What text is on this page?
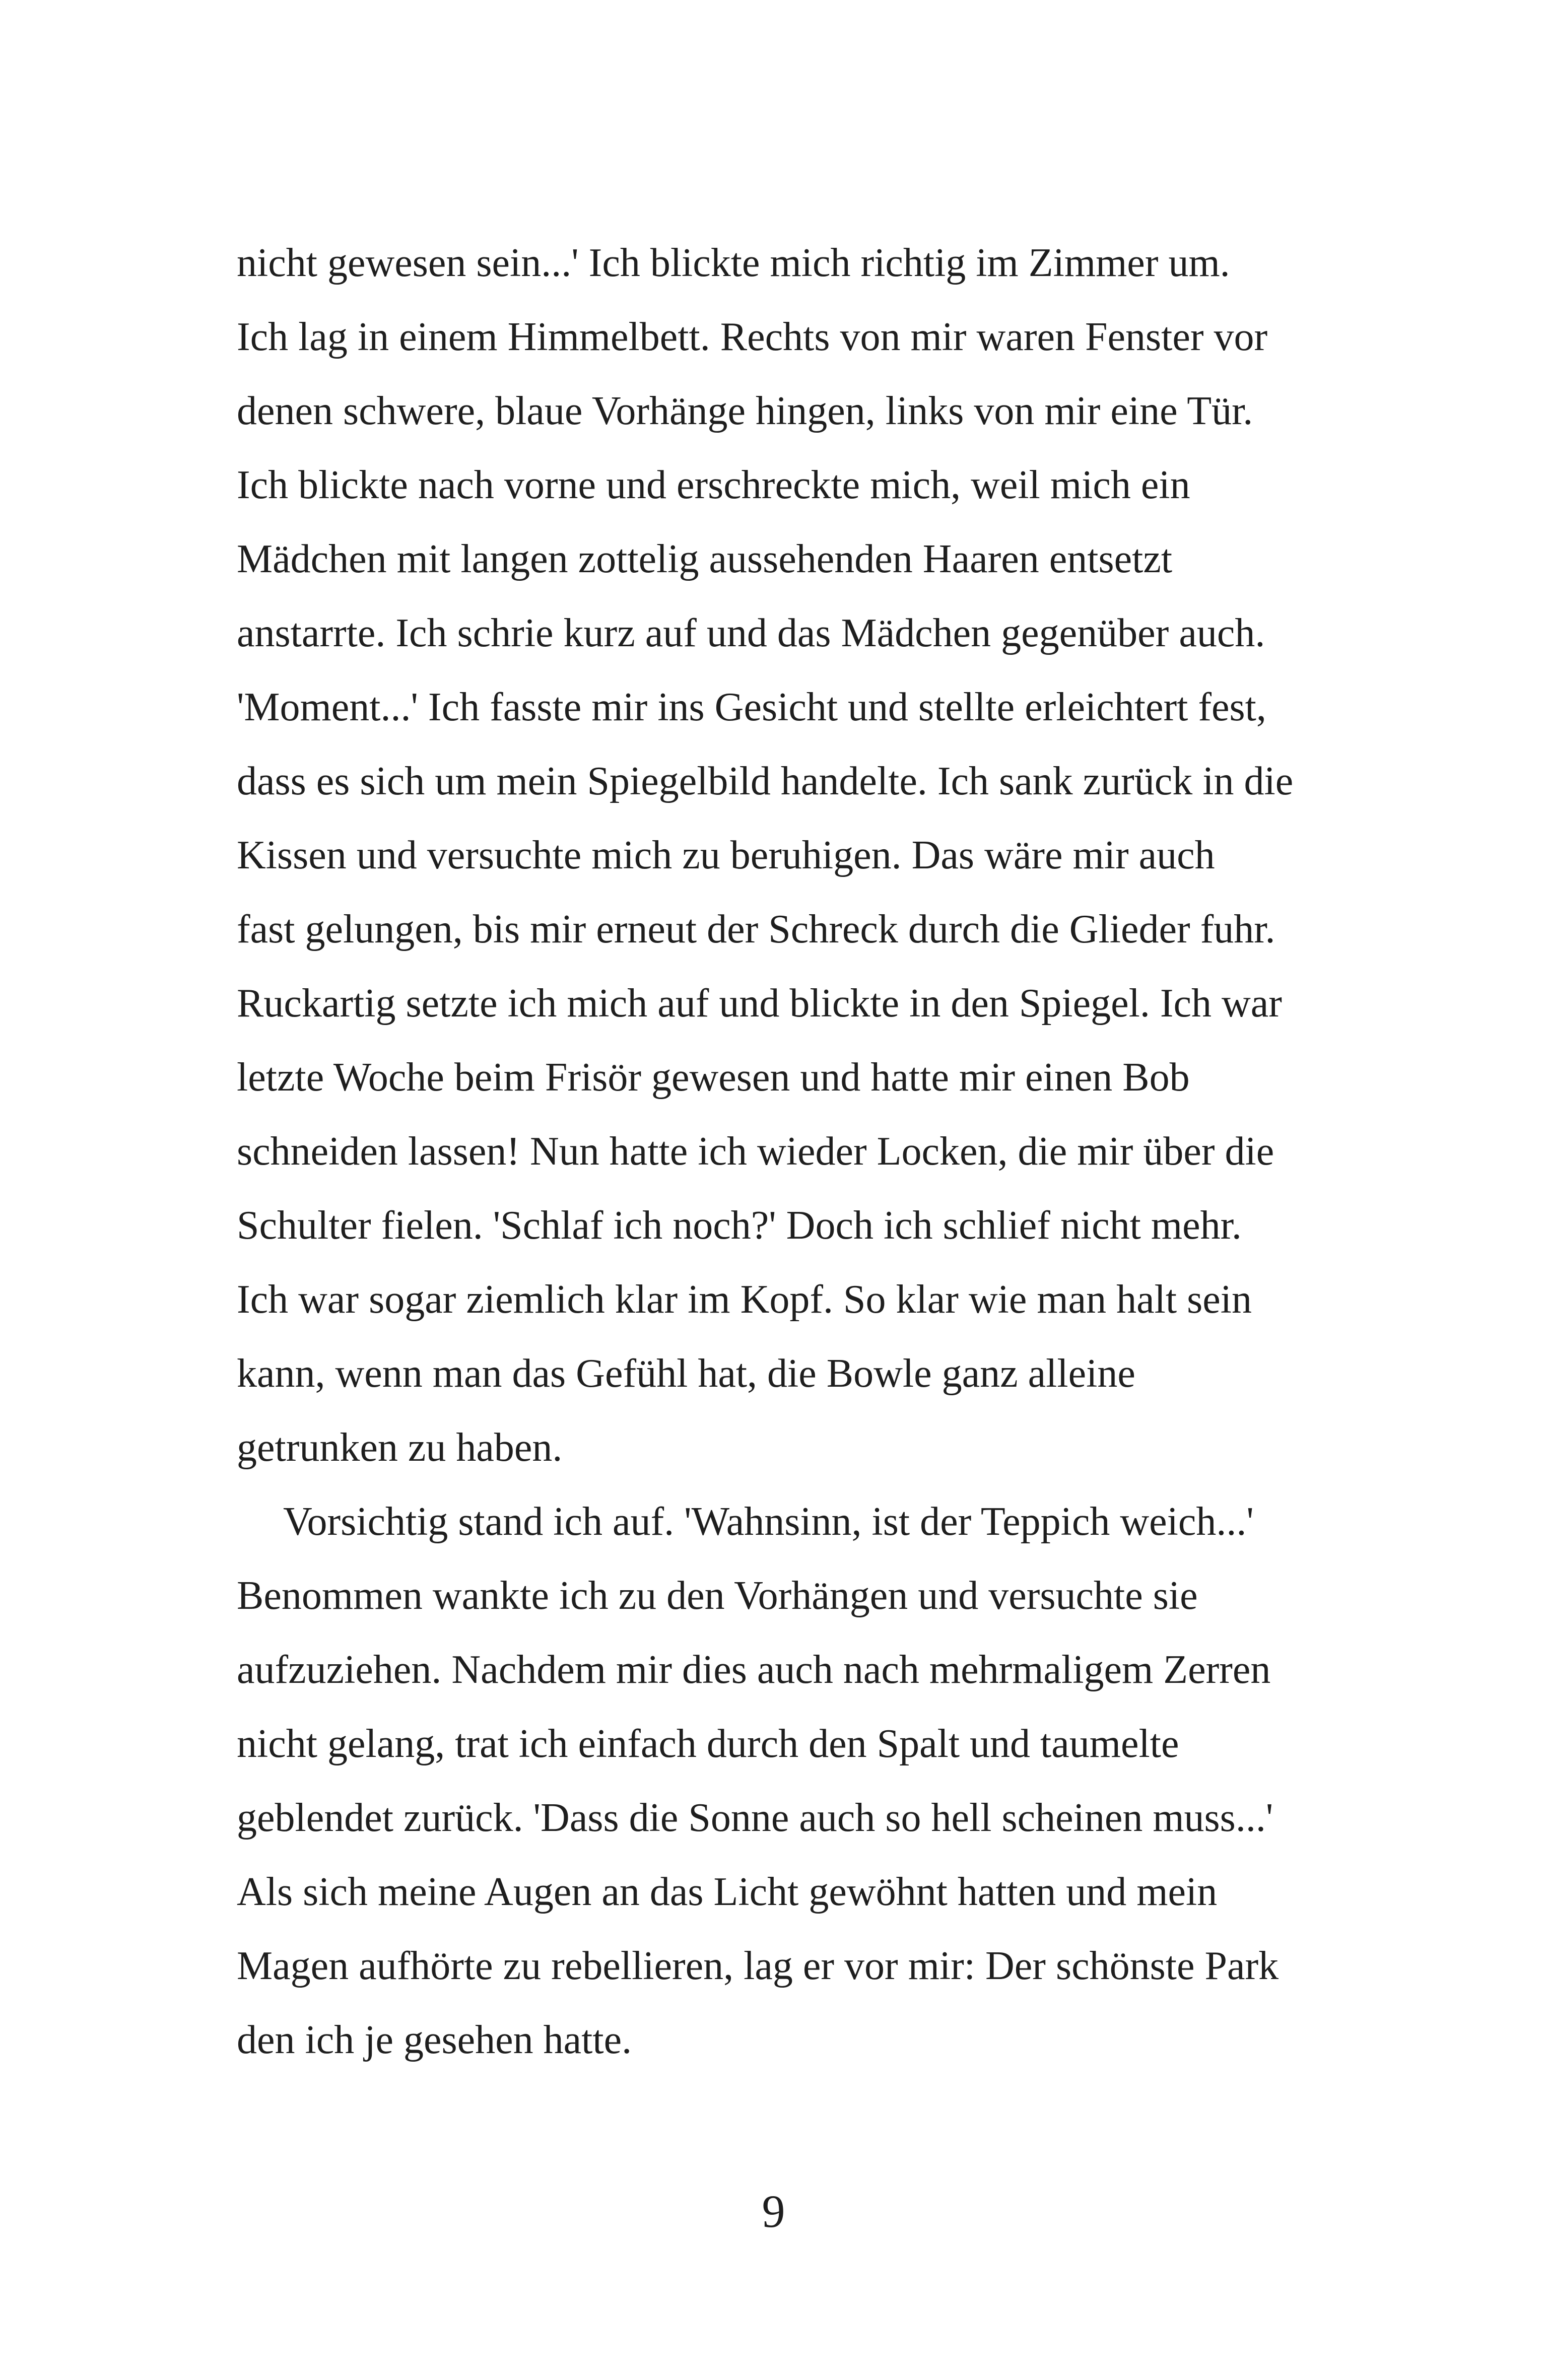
nicht gewesen sein...' Ich blickte mich richtig im Zimmer um.
Ich lag in einem Himmelbett. Rechts von mir waren Fenster vor
denen schwere, blaue Vorhänge hingen, links von mir eine Tür.
Ich blickte nach vorne und erschreckte mich, weil mich ein
Mädchen mit langen zottelig aussehenden Haaren entsetzt
anstarrte. Ich schrie kurz auf und das Mädchen gegenüber auch.
'Moment...' Ich fasste mir ins Gesicht und stellte erleichtert fest,
dass es sich um mein Spiegelbild handelte. Ich sank zurück in die
Kissen und versuchte mich zu beruhigen. Das wäre mir auch
fast gelungen, bis mir erneut der Schreck durch die Glieder fuhr.
Ruckartig setzte ich mich auf und blickte in den Spiegel. Ich war
letzte Woche beim Frisör gewesen und hatte mir einen Bob
schneiden lassen! Nun hatte ich wieder Locken, die mir über die
Schulter fielen. 'Schlaf ich noch?' Doch ich schlief nicht mehr.
Ich war sogar ziemlich klar im Kopf. So klar wie man halt sein
kann, wenn man das Gefühl hat, die Bowle ganz alleine
getrunken zu haben.
Vorsichtig stand ich auf. 'Wahnsinn, ist der Teppich weich...'
Benommen wankte ich zu den Vorhängen und versuchte sie
aufzuziehen. Nachdem mir dies auch nach mehrmaligem Zerren
nicht gelang, trat ich einfach durch den Spalt und taumelte
geblendet zurück. 'Dass die Sonne auch so hell scheinen muss...'
Als sich meine Augen an das Licht gewöhnt hatten und mein
Magen aufhörte zu rebellieren, lag er vor mir: Der schönste Park
den ich je gesehen hatte.
9
